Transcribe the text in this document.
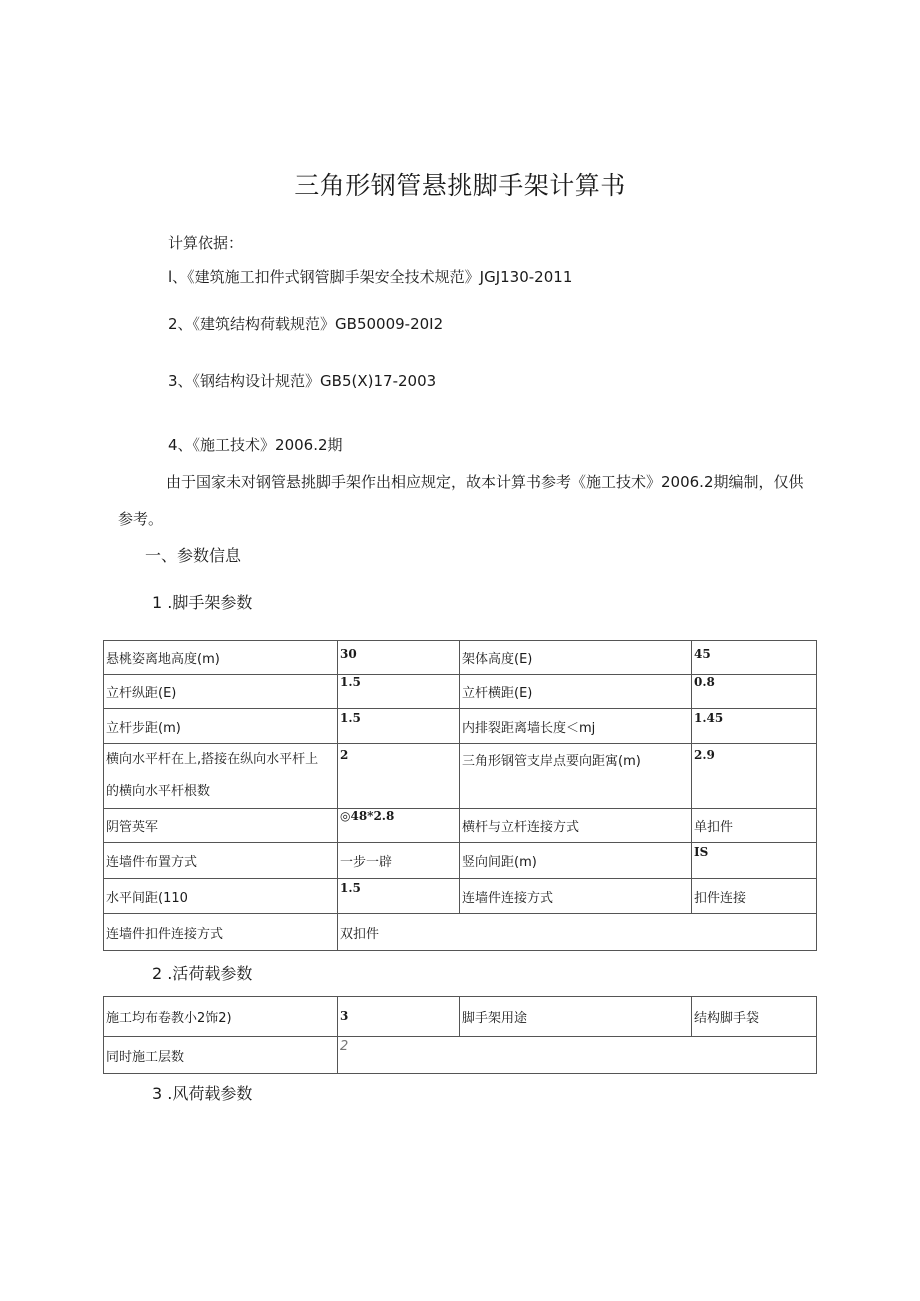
三角形钢管悬挑脚手架计算书
计算依据：
l、《建筑施工扣件式钢管脚手架安全技术规范》JGJ130-2011
2、《建筑结构荷载规范》GB50009-20I2
3、《钢结构设计规范》GB5(X)17-2003
4、《施工技术》2006.2期
由于国家未对钢管悬挑脚手架作出相应规定，故本计算书参考《施工技术》2006.2期编制，仅供参考。
一、参数信息
1 .脚手架参数
悬桃姿离地高度(m)	30	架体高度(E)	45
立杆纵距(E)	1.5	立杆横距(E)	0.8
立杆步距(m)	1.5	内排裂距离墙长度＜mj	1.45
横向水平杆在上,搭接在纵向水平杆上
的横向水平杆根数	2	三角形钢管支岸点要向距寓(m)	2.9
阴管英军	◎48*2.8	横杆与立杆连接方式	单扣件
连墙件布置方式	一步一辟	竖向间距(m)	IS
水平间距(110	1.5	连墙件连接方式	扣件连接
连墙件扣件连接方式	双扣件		
2 .活荷载参数
施工均布卷教小2饰2)	3	脚手架用途	结构脚手袋
同时施工层数	2		
3 .风荷载参数
